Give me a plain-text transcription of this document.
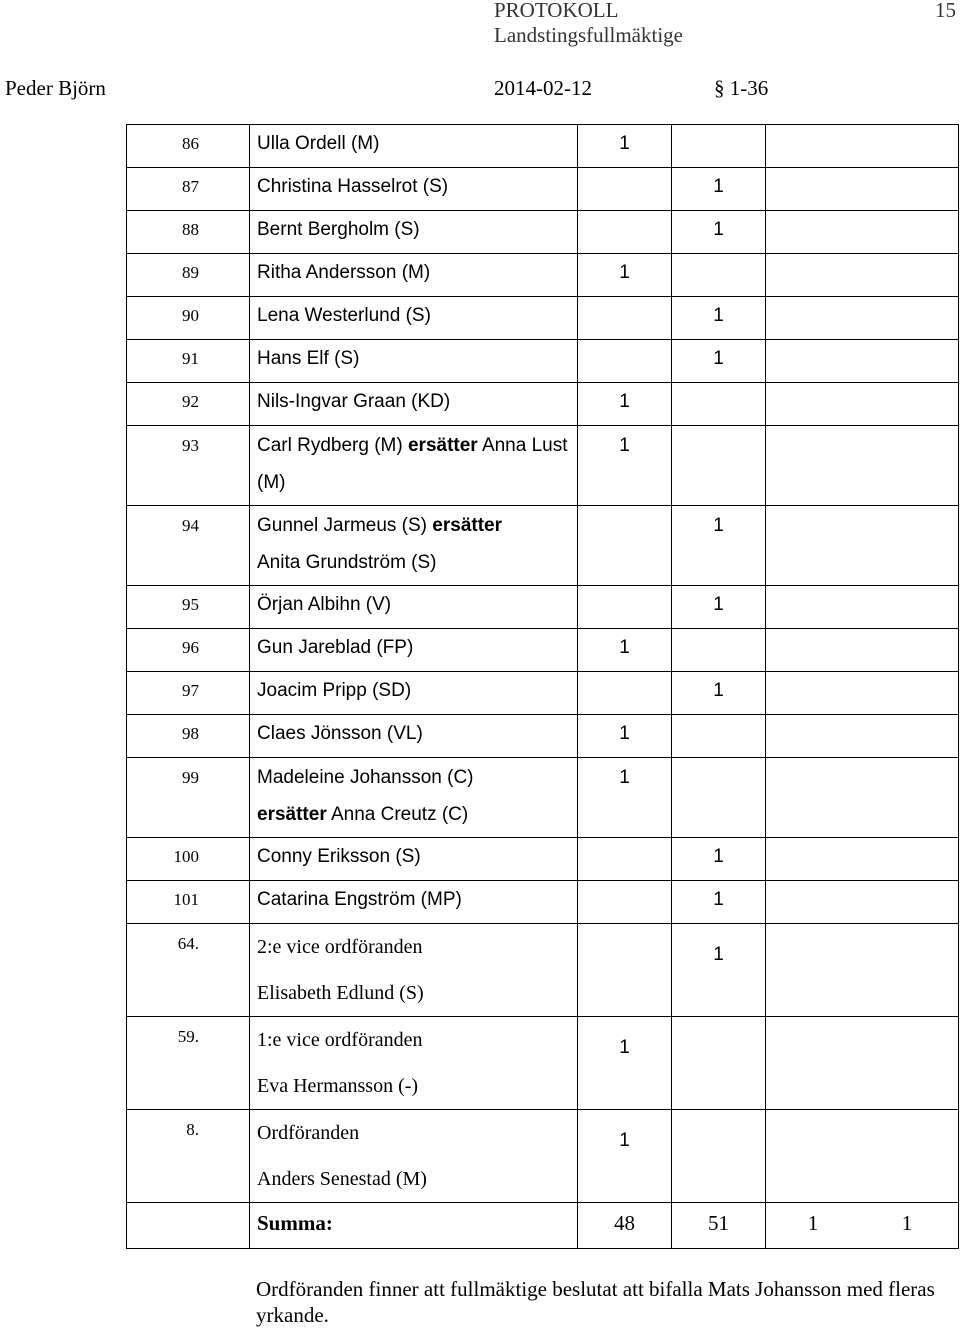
PROTOKOLL	15
Landstingsfullmäktige
Peder Björn	2014-02-12	§ 1-36
86	Ulla Ordell (M)	1		

87	Christina Hasselrot (S)		1	

88	Bernt Bergholm (S)		1	

89	Ritha Andersson (M)	1		

90	Lena Westerlund (S)		1	

91	Hans Elf (S)		1	

92	Nils-Ingvar Graan (KD)	1		

93	Carl Rydberg (M) ersätter Anna Lust (M)	1		

94	Gunnel Jarmeus (S) ersätter Anita Grundström (S)		1	

95	Örjan Albihn (V)		1	

96	Gun Jareblad (FP)	1		

97	Joacim Pripp (SD)		1	

98	Claes Jönsson (VL)	1		

99	Madeleine Johansson (C)
ersätter Anna Creutz (C)	1		

100	Conny Eriksson (S)		1	

101	Catarina Engström (MP)		1	

64.	2:e vice ordföranden
Elisabeth Edlund (S)		1	

59.	1:e vice ordföranden
Eva Hermansson (-)	1		

8.	Ordföranden
Anders Senestad (M)	1		

	Summa:	48	51	1 1
Ordföranden finner att fullmäktige beslutat att bifalla Mats Johansson med fleras yrkande.
